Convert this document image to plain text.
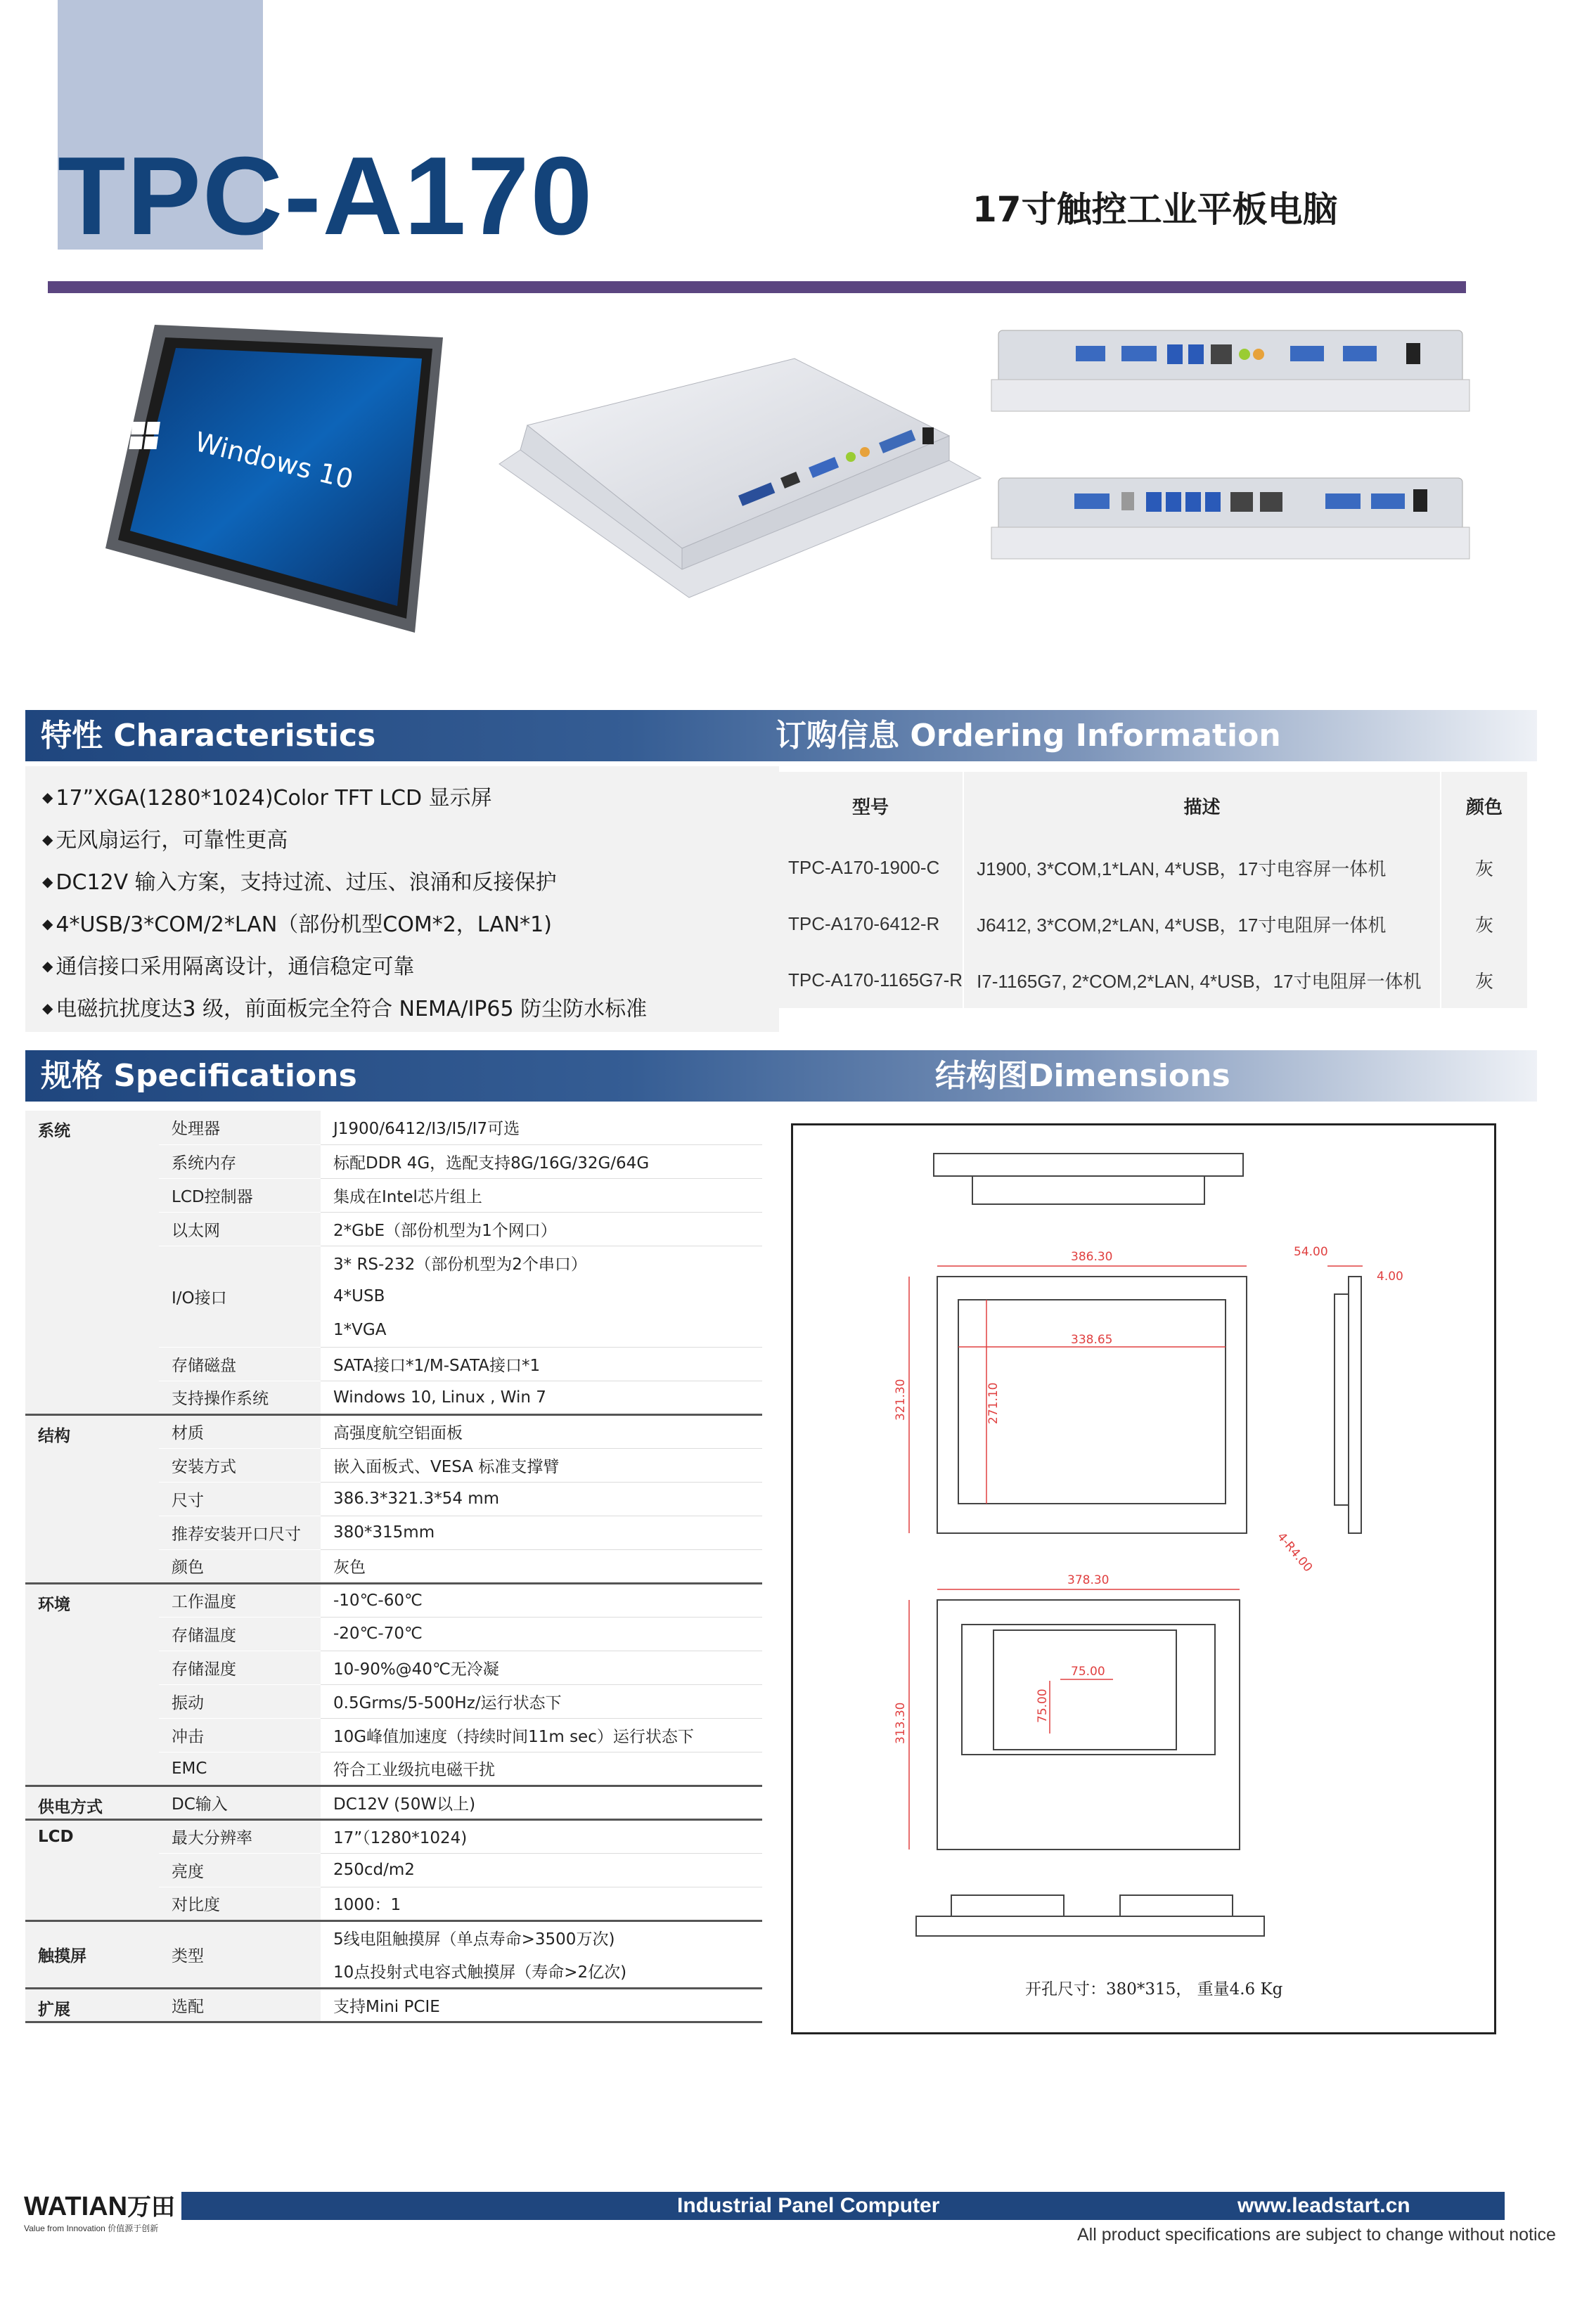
TPC-A170	17寸触控工业平板电脑
Windows 10
特性 Characteristics	订购信息 Ordering Information
◆ 17”XGA(1280*1024)Color TFT LCD 显示屏
◆ 无风扇运行，可靠性更高
◆ DC12V 输入方案，支持过流、过压、浪涌和反接保护
◆ 4*USB/3*COM/2*LAN（部份机型COM*2，LAN*1)
◆ 通信接口采用隔离设计，通信稳定可靠
◆ 电磁抗扰度达3 级，前面板完全符合 NEMA/IP65 防尘防水标准
型号	描述	颜色
TPC-A170-1900-C	J1900, 3*COM,1*LAN, 4*USB，17寸电容屏一体机	灰
TPC-A170-6412-R	J6412, 3*COM,2*LAN, 4*USB，17寸电阻屏一体机	灰
TPC-A170-1165G7-R	I7-1165G7, 2*COM,2*LAN, 4*USB，17寸电阻屏一体机	灰
规格 Specifications	结构图Dimensions
系统	处理器	J1900/6412/I3/I5/I7可选
	系统内存	标配DDR 4G，选配支持8G/16G/32G/64G
	LCD控制器	集成在Intel芯片组上
	以太网	2*GbE（部份机型为1个网口）
	I/O接口	3* RS-232（部份机型为2个串口）
		4*USB
		1*VGA
	存储磁盘	SATA接口*1/M-SATA接口*1
	支持操作系统	Windows 10, Linux , Win 7
结构	材质	高强度航空铝面板
	安装方式	嵌入面板式、VESA 标准支撑臂
	尺寸	386.3*321.3*54 mm
	推荐安装开口尺寸	380*315mm
	颜色	灰色
环境	工作温度	-10℃-60℃
	存储温度	-20℃-70℃
	存储湿度	10-90%@40℃无冷凝
	振动	0.5Grms/5-500Hz/运行状态下
	冲击	10G峰值加速度（持续时间11m sec）运行状态下
	EMC	符合工业级抗电磁干扰
供电方式	DC输入	DC12V (50W以上)
LCD	最大分辨率	17”（1280*1024)
	亮度	250cd/m2
	对比度	1000：1
触摸屏	类型	5线电阻触摸屏（单点寿命>3500万次)
		10点投射式电容式触摸屏（寿命>2亿次)
扩展	选配	支持Mini PCIE
386.30
338.65
321.30	271.10
54.00
4.00
4-R4.00
378.30
313.30
75.00
75.00
开孔尺寸：380*315， 重量4.6 Kg
WATIAN万田
Value from Innovation 价值源于创新
Industrial Panel Computer	www.leadstart.cn
All product specifications are subject to change without notice
